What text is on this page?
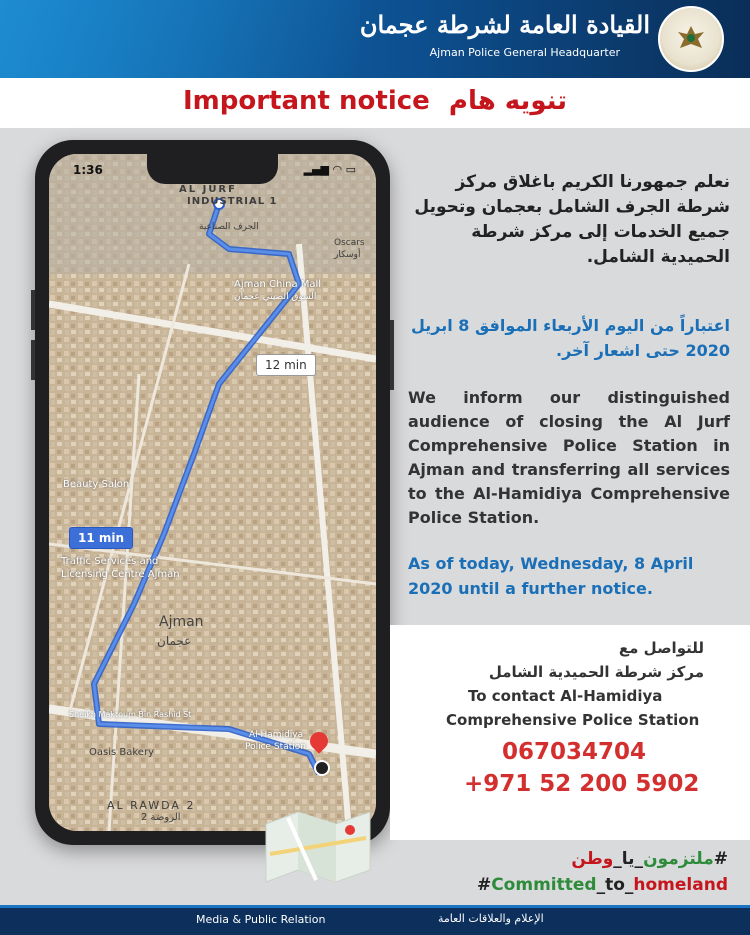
القيادة العامة لشرطة عجمان
Ajman Police General Headquarter
Important notice تنويه هام
1:36	▂▄▆ ◠ ▭
AL JURF
INDUSTRIAL 1
الجرف الصناعية
Oscars
أوسكار
Ajman China Mall
السوق الصيني عجمان
12 min
Beauty Salon
11 min
Traffic Services and
Licensing Centre Ajman
Ajman
عجمان
Sheikh Maktoum Bin Rashid St
Oasis Bakery
Al Hamidiya
Police Station
AL RAWDA 2
الروضة 2
نعلم جمهورنا الكريم باغلاق مركز شرطة الجرف الشامل بعجمان وتحويل جميع الخدمات إلى مركز شرطة الحميدية الشامل.
اعتباراً من اليوم الأربعاء الموافق 8 ابريل 2020 حتى اشعار آخر.
We inform our distinguished audience of closing the Al Jurf Comprehensive Police Station in Ajman and transferring all services to the Al-Hamidiya Comprehensive Police Station.
As of today, Wednesday, 8 April 2020 until a further notice.
للتواصل مع
مركز شرطة الحميدية الشامل
To contact Al-Hamidiya
Comprehensive Police Station
067034704
+971 52 200 5902
ملتزمون_يا_وطن	#
#Committed_to_homeland
Media & Public Relation	الإعلام والعلاقات العامة
